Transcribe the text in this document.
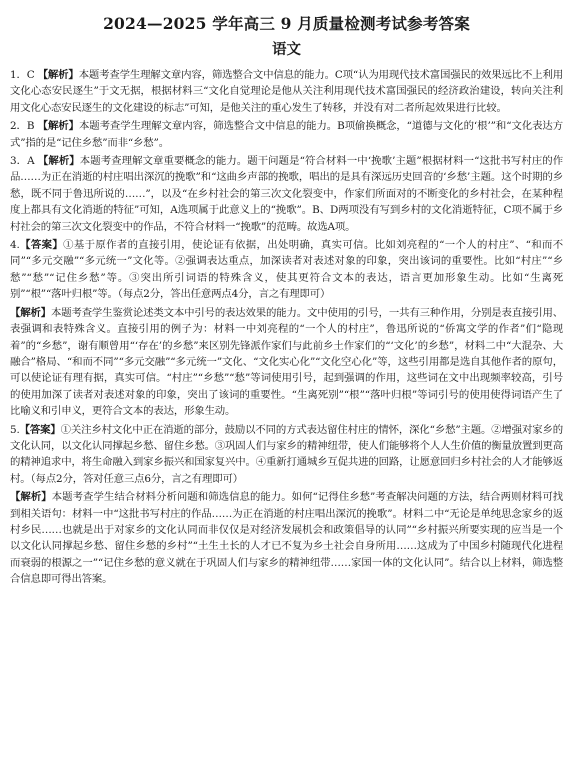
2024—2025 学年高三 9 月质量检测考试参考答案
语文

1．C 【解析】本题考查学生理解文章内容，筛选整合文中信息的能力。C项“认为用现代技术富国强民的效果远比不上利用文化心态安民逐生”于文无据，根据材料三“文化自觉理论是他从关注利用现代技术富国强民的经济政治建设，转向关注利用文化心态安民逐生的文化建设的标志”可知，是他关注的重心发生了转移，并没有对二者所起效果进行比较。

2．B 【解析】本题考查学生理解文章内容，筛选整合文中信息的能力。B项偷换概念，“道德与文化的‘根’”和“文化表达方式”指的是“记住乡愁”而非“乡愁”。

3．A 【解析】本题考查理解文章重要概念的能力。题干问题是“符合材料一中‘挽歌’主题”根据材料一“这批书写村庄的作品……为正在消逝的村庄唱出深沉的挽歌”和“这曲乡声部的挽歌，唱出的是具有深远历史回音的‘乡愁’主题。这个时期的乡愁，既不同于鲁迅所说的……”，以及“在乡村社会的第三次文化裂变中，作家们所面对的不断变化的乡村社会，在某种程度上都具有文化消逝的特征”可知，A选项属于此意义上的“挽歌”。B、D两项没有写到乡村的文化消逝特征，C项不属于乡村社会的第三次文化裂变中的作品，不符合材料一“挽歌”的范畴。故选A项。

4.【答案】①基于原作者的直接引用，使论证有依据，出处明确，真实可信。比如刘亮程的“一个人的村庄”、“和而不同”“多元交融”“多元统一”文化等。②强调表达重点，加深读者对表述对象的印象，突出该词的重要性。比如“村庄”“乡愁”“愁”“记住乡愁”等。③突出所引词语的特殊含义，使其更符合文本的表达，语言更加形象生动。比如“生离死别”“根”“落叶归根”等。（每点2分，答出任意两点4分，言之有理即可）

【解析】本题考查学生鉴赏论述类文本中引号的表达效果的能力。文中使用的引号，一共有三种作用，分别是表直接引用、表强调和表特殊含义。直接引用的例子为：材料一中刘亮程的“一个人的村庄”，鲁迅所说的“侨寓文学的作者”们“隐现着”的“乡愁”，谢有顺曾用“‘存在’的乡愁”来区别先锋派作家们与此前乡土作家们的“‘文化’的乡愁”，材料二中“大混杂、大融合”格局、“和而不同”“多元交融”“多元统一”文化、“文化实心化”“文化空心化”等，这些引用都是选自其他作者的原句，可以使论证有理有据，真实可信。“村庄”“乡愁”“愁”等词使用引号，起到强调的作用，这些词在文中出现频率较高，引号的使用加深了读者对表述对象的印象，突出了该词的重要性。“生离死别”“根”“落叶归根”等词引号的使用使得词语产生了比喻义和引申义，更符合文本的表达，形象生动。

5.【答案】①关注乡村文化中正在消逝的部分，鼓励以不同的方式表达留住村庄的情怀，深化“乡愁”主题。②增强对家乡的文化认同，以文化认同撑起乡愁、留住乡愁。③巩固人们与家乡的精神纽带，使人们能够将个人人生价值的衡量放置到更高的精神追求中，将生命融入到家乡振兴和国家复兴中。④重新打通城乡互促共进的回路，让愿意回归乡村社会的人才能够返村。（每点2分，答对任意三点6分，言之有理即可）

【解析】本题考查学生结合材料分析问题和筛选信息的能力。如何“记得住乡愁”考查解决问题的方法，结合两则材料可找到相关语句：材料一中“这批书写村庄的作品……为正在消逝的村庄唱出深沉的挽歌”。材料二中“无论是单纯思念家乡的返村乡民……也就是出于对家乡的文化认同而非仅仅是对经济发展机会和政策倡导的认同”“乡村振兴所要实现的应当是一个以文化认同撑起乡愁、留住乡愁的乡村”“土生土长的人才已不复为乡土社会自身所用……这成为了中国乡村随现代化进程而衰弱的根源之一”“记住乡愁的意义就在于巩固人们与家乡的精神纽带……家国一体的文化认同”。结合以上材料，筛选整合信息即可得出答案。
